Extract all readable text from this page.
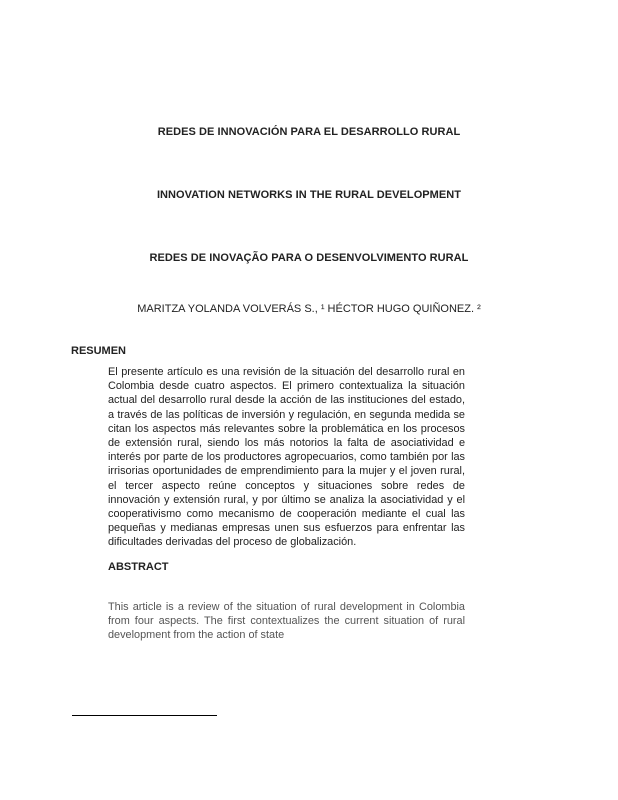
REDES DE INNOVACIÓN PARA EL DESARROLLO RURAL
INNOVATION NETWORKS IN THE RURAL DEVELOPMENT
REDES DE INOVAÇÃO PARA O DESENVOLVIMENTO RURAL
MARITZA YOLANDA VOLVERÁS S., ¹ HÉCTOR HUGO QUIÑONEZ. ²
RESUMEN
El presente artículo es una revisión de la situación del desarrollo rural en
Colombia desde cuatro aspectos. El primero contextualiza la situación
actual del desarrollo rural desde la acción de las instituciones del estado,
a través de las políticas de inversión y regulación, en segunda medida se
citan los aspectos más relevantes sobre la problemática en los procesos
de extensión rural, siendo los más notorios la falta de asociatividad e
interés por parte de los productores agropecuarios, como también por las
irrisorias oportunidades de emprendimiento para la mujer y el joven rural,
el tercer aspecto reúne conceptos y situaciones sobre redes de
innovación y extensión rural, y por último se analiza la asociatividad y el
cooperativismo como mecanismo de cooperación mediante el cual las
pequeñas y medianas empresas unen sus esfuerzos para enfrentar las
dificultades derivadas del proceso de globalización.
ABSTRACT
This article is a review of the situation of rural development in Colombia
from four aspects. The first contextualizes the current situation of rural
development from the action of state
